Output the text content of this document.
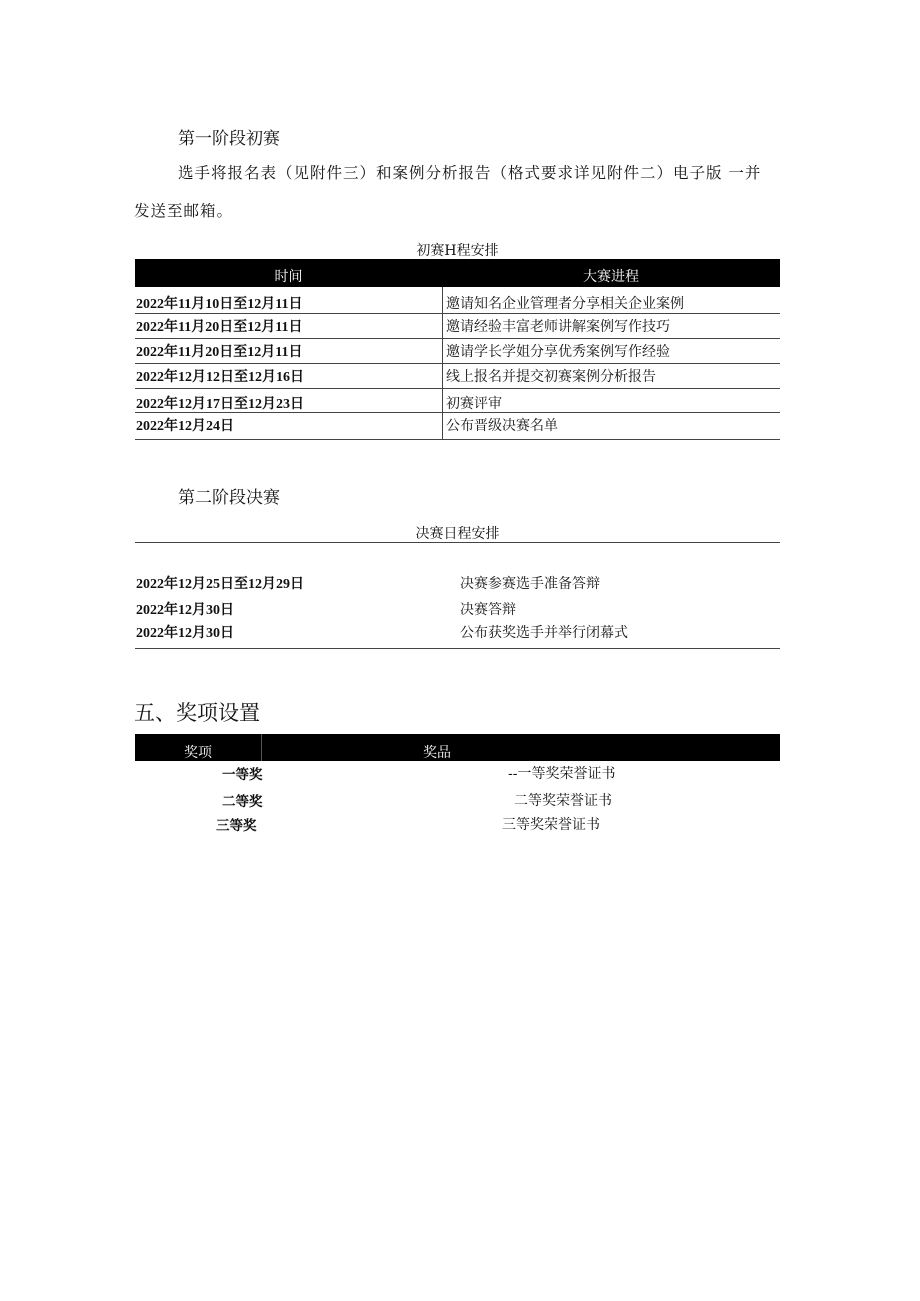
第一阶段初赛
选手将报名表（见附件三）和案例分析报告（格式要求详见附件二）电子版 一并
发送至邮箱。
初赛H程安排
时间	大赛进程
2022年11月10日至12月11日	邀请知名企业管理者分享相关企业案例
2022年11月20日至12月11日	邀请经验丰富老师讲解案例写作技巧
2022年11月20日至12月11日	邀请学长学姐分享优秀案例写作经验
2022年12月12日至12月16日	线上报名并提交初赛案例分析报告
2022年12月17日至12月23日	初赛评审
2022年12月24日	公布晋级决赛名单
第二阶段决赛
决赛日程安排
2022年12月25日至12月29日	决赛参赛选手准备答辩
2022年12月30日	决赛答辩
2022年12月30日	公布获奖选手并举行闭幕式
五、奖项设置
奖项	奖品
一等奖	--一等奖荣誉证书
二等奖	二等奖荣誉证书
三等奖	三等奖荣誉证书
